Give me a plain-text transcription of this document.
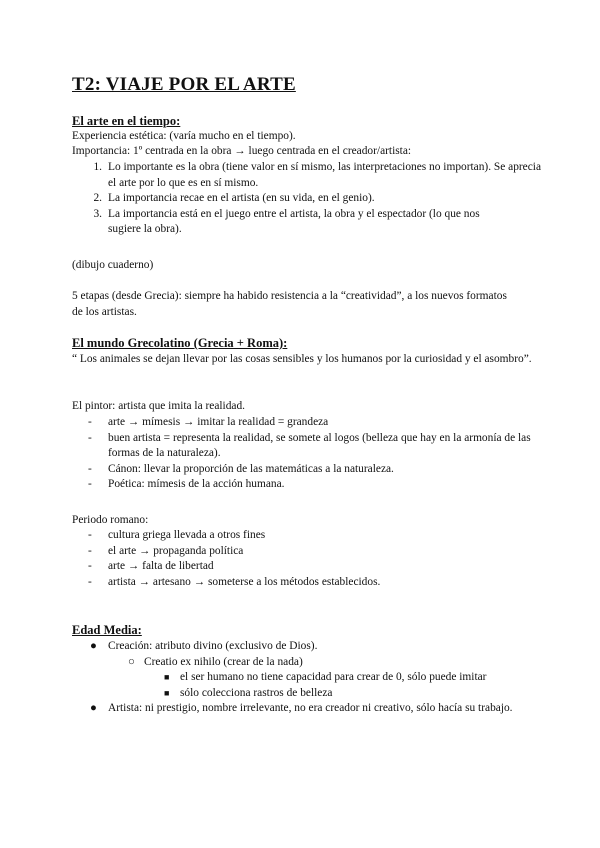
T2: VIAJE POR EL ARTE
El arte en el tiempo:
Experiencia estética: (varía mucho en el tiempo).
Importancia: 1º centrada en la obra → luego centrada en el creador/artista:
1. Lo importante es la obra (tiene valor en sí mismo, las interpretaciones no importan). Se aprecia el arte por lo que es en sí mismo.
2. La importancia recae en el artista (en su vida, en el genio).
3. La importancia está en el juego entre el artista, la obra y el espectador (lo que nos sugiere la obra).
(dibujo cuaderno)
5 etapas (desde Grecia): siempre ha habido resistencia a la “creatividad”, a los nuevos formatos de los artistas.
El mundo Grecolatino (Grecia + Roma):
“ Los animales se dejan llevar por las cosas sensibles y los humanos por la curiosidad y el asombro”.
El pintor: artista que imita la realidad.
-	arte → mímesis → imitar la realidad = grandeza
-	buen artista = representa la realidad, se somete al logos (belleza que hay en la armonía de las formas de la naturaleza).
-	Cánon: llevar la proporción de las matemáticas a la naturaleza.
-	Poética: mímesis de la acción humana.
Periodo romano:
-	cultura griega llevada a otros fines
-	el arte → propaganda política
-	arte → falta de libertad
-	artista → artesano → someterse a los métodos establecidos.
Edad Media:
● Creación: atributo divino (exclusivo de Dios).
○ Creatio ex nihilo (crear de la nada)
■ el ser humano no tiene capacidad para crear de 0, sólo puede imitar
■ sólo colecciona rastros de belleza
● Artista: ni prestigio, nombre irrelevante, no era creador ni creativo, sólo hacía su trabajo.
